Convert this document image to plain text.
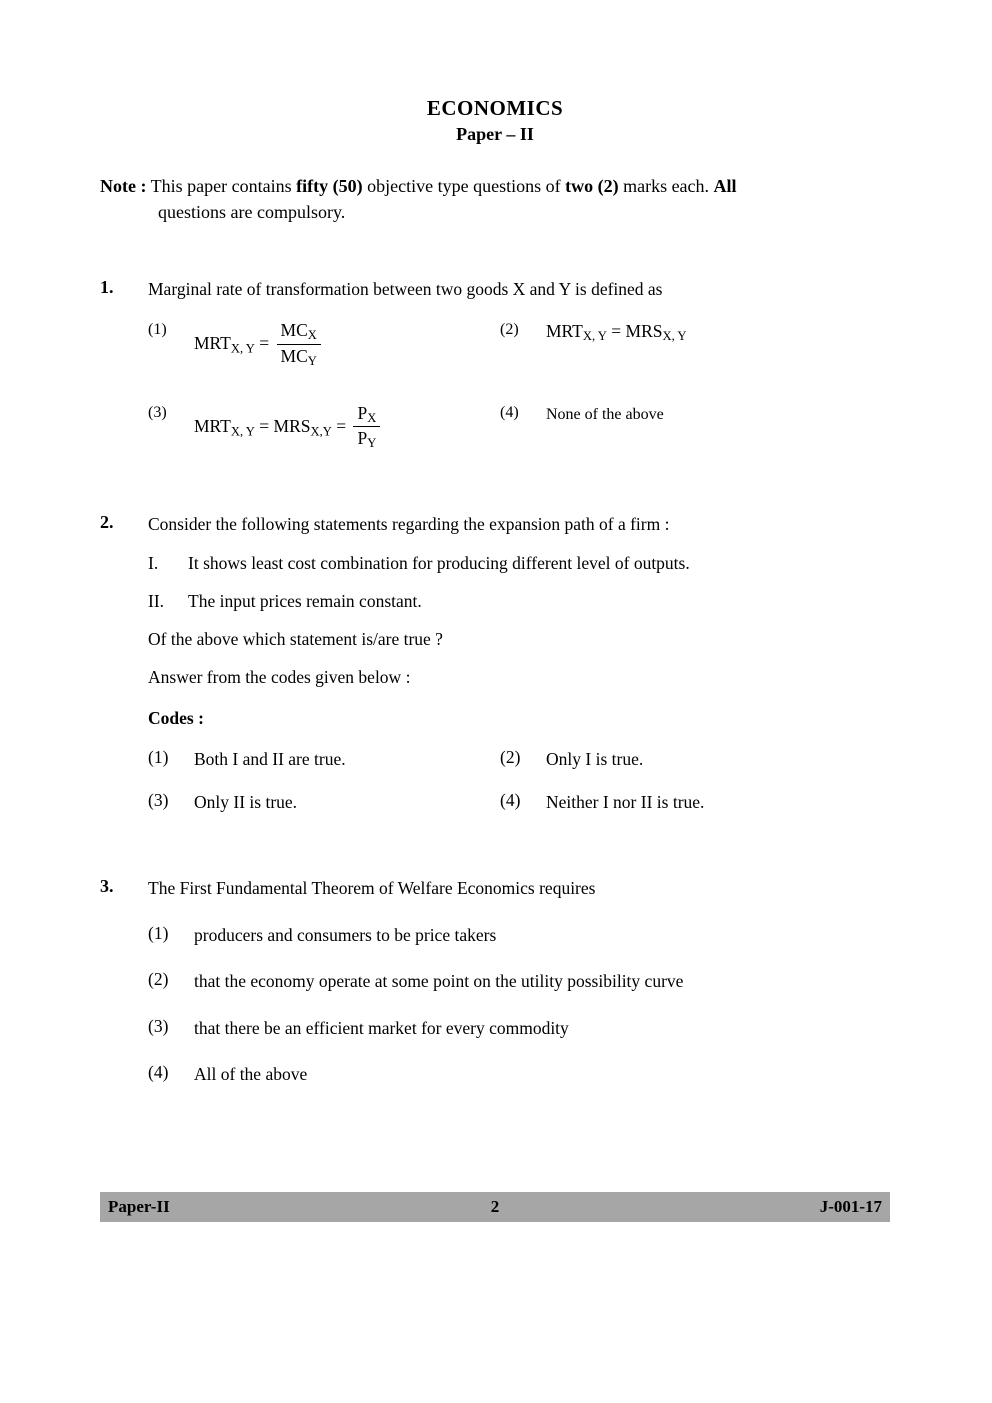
ECONOMICS
Paper – II
Note : This paper contains fifty (50) objective type questions of two (2) marks each. All
questions are compulsory.
1.	Marginal rate of transformation between two goods X and Y is defined as
(1)
$MRT_{X, Y} = \frac{MC_X}{MC_Y}$	(2)	$MRT_{X, Y} = MRS_{X, Y}$
(3)
$MRT_{X, Y} = MRS_{X,Y} = \frac{P_X}{P_Y}$	(4)	None of the above
2.	Consider the following statements regarding the expansion path of a firm :
I.	It shows least cost combination for producing different level of outputs.
II.	The input prices remain constant.
Of the above which statement is/are true ?
Answer from the codes given below :
Codes :
(1)	Both I and II are true.	(2)	Only I is true.
(3)	Only II is true.	(4)	Neither I nor II is true.
3.	The First Fundamental Theorem of Welfare Economics requires
(1)	producers and consumers to be price takers
(2)	that the economy operate at some point on the utility possibility curve
(3)	that there be an efficient market for every commodity
(4)	All of the above
Paper-II	2	J-001-17
